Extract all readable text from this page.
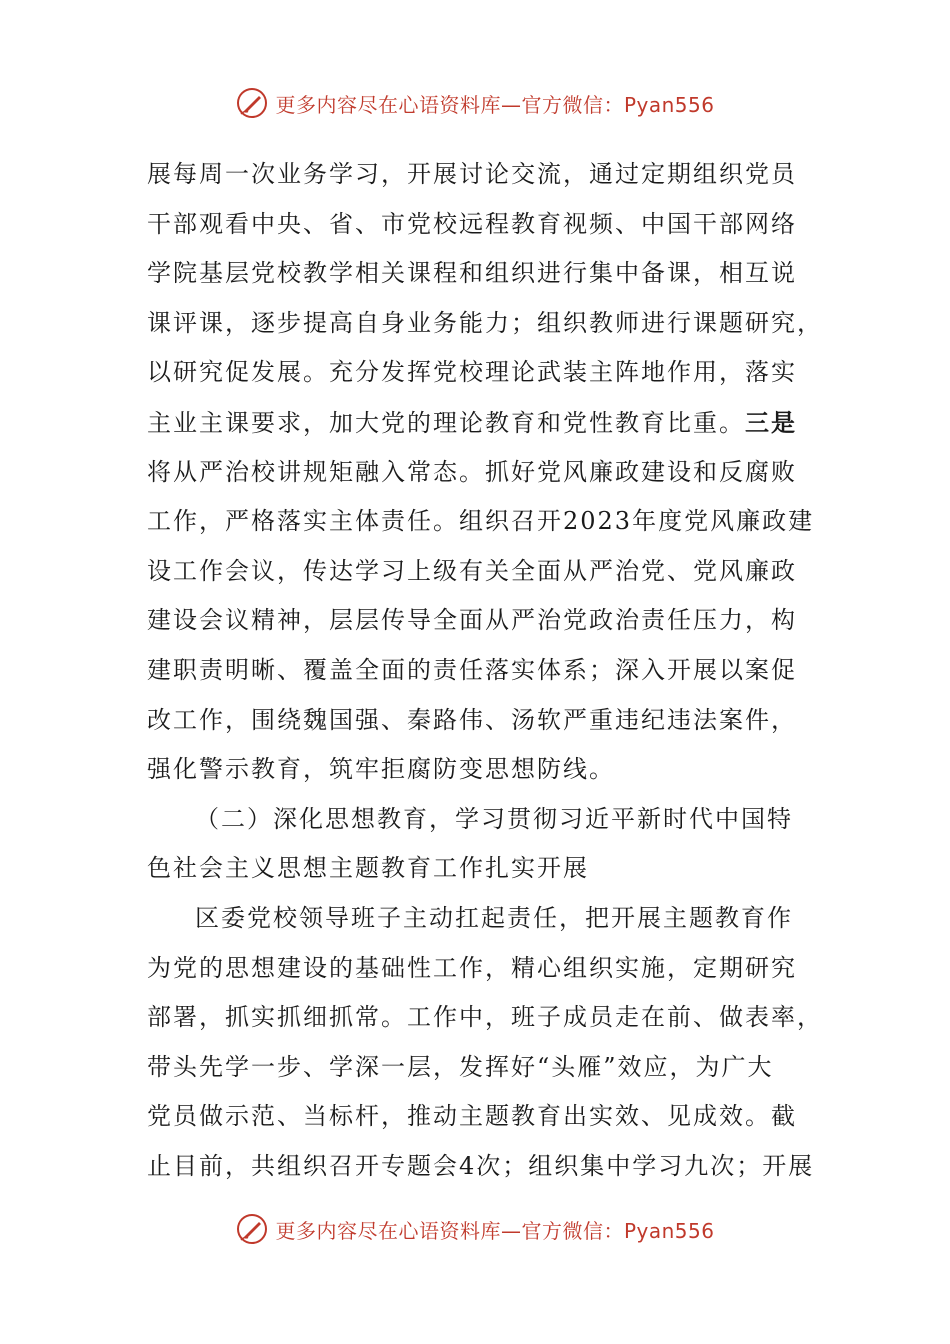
更多内容尽在心语资料库—官方微信：Pyan556
展每周一次业务学习，开展讨论交流，通过定期组织党员
干部观看中央、省、市党校远程教育视频、中国干部网络
学院基层党校教学相关课程和组织进行集中备课，相互说
课评课，逐步提高自身业务能力；组织教师进行课题研究，
以研究促发展。充分发挥党校理论武装主阵地作用，落实
主业主课要求，加大党的理论教育和党性教育比重。三是
将从严治校讲规矩融入常态。抓好党风廉政建设和反腐败
工作，严格落实主体责任。组织召开2023年度党风廉政建
设工作会议，传达学习上级有关全面从严治党、党风廉政
建设会议精神，层层传导全面从严治党政治责任压力，构
建职责明晰、覆盖全面的责任落实体系；深入开展以案促
改工作，围绕魏国强、秦路伟、汤软严重违纪违法案件，
强化警示教育，筑牢拒腐防变思想防线。
（二）深化思想教育，学习贯彻习近平新时代中国特
色社会主义思想主题教育工作扎实开展
区委党校领导班子主动扛起责任，把开展主题教育作
为党的思想建设的基础性工作，精心组织实施，定期研究
部署，抓实抓细抓常。工作中，班子成员走在前、做表率，
带头先学一步、学深一层，发挥好“头雁”效应，为广大
党员做示范、当标杆，推动主题教育出实效、见成效。截
止目前，共组织召开专题会4次；组织集中学习九次；开展
更多内容尽在心语资料库—官方微信：Pyan556
